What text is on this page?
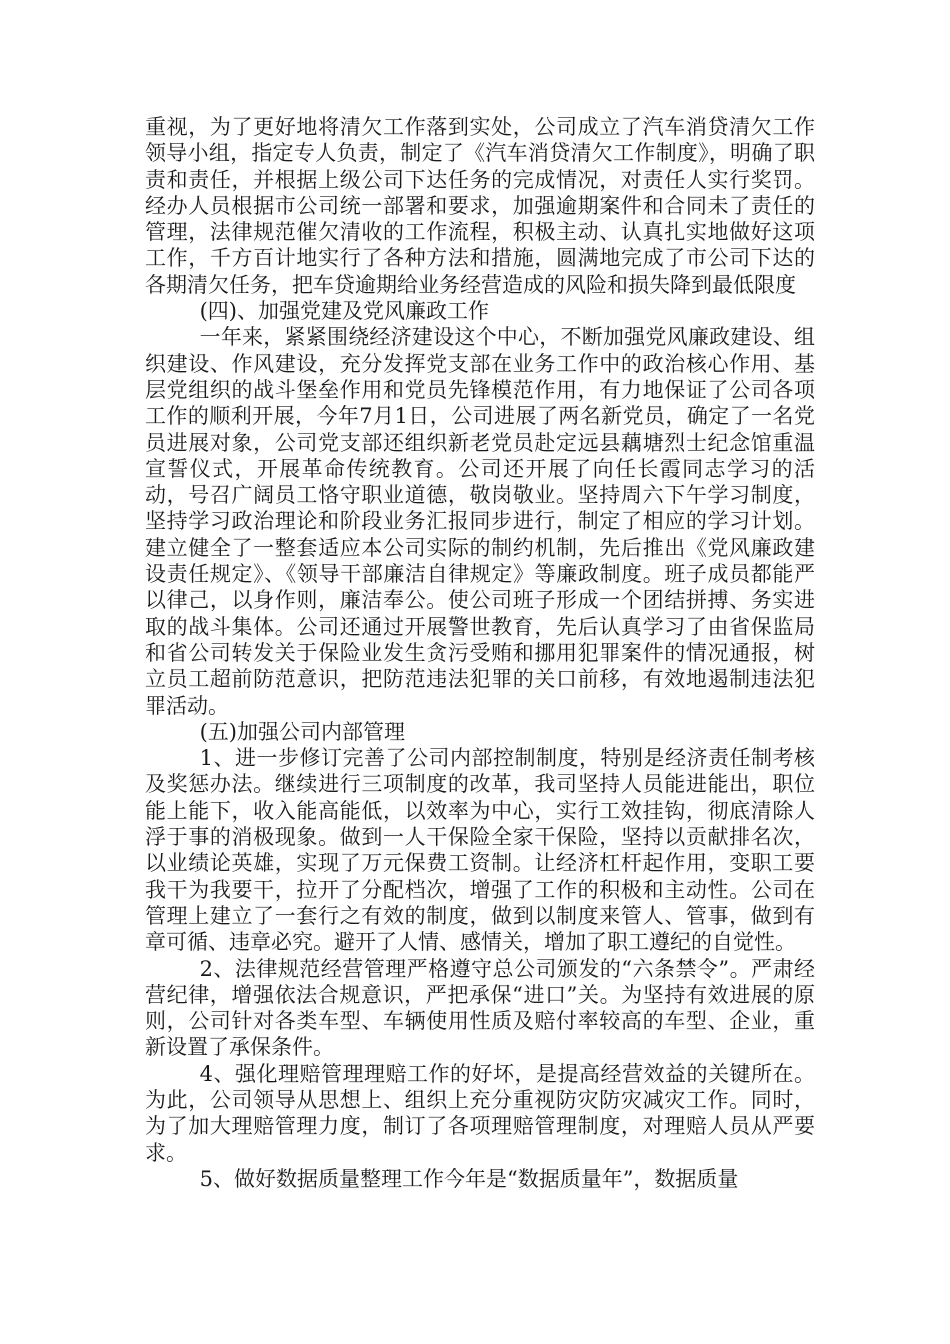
重视，为了更好地将清欠工作落到实处，公司成立了汽车消贷清欠工作领导小组，指定专人负责，制定了《汽车消贷清欠工作制度》，明确了职责和责任，并根据上级公司下达任务的完成情况，对责任人实行奖罚。经办人员根据市公司统一部署和要求，加强逾期案件和合同未了责任的管理，法律规范催欠清收的工作流程，积极主动、认真扎实地做好这项工作，千方百计地实行了各种方法和措施，圆满地完成了市公司下达的各期清欠任务，把车贷逾期给业务经营造成的风险和损失降到最低限度

(四)、加强党建及党风廉政工作

一年来，紧紧围绕经济建设这个中心，不断加强党风廉政建设、组织建设、作风建设，充分发挥党支部在业务工作中的政治核心作用、基层党组织的战斗堡垒作用和党员先锋模范作用，有力地保证了公司各项工作的顺利开展，今年7月1日，公司进展了两名新党员，确定了一名党员进展对象，公司党支部还组织新老党员赴定远县藕塘烈士纪念馆重温宣誓仪式，开展革命传统教育。公司还开展了向任长霞同志学习的活动，号召广阔员工恪守职业道德，敬岗敬业。坚持周六下午学习制度，坚持学习政治理论和阶段业务汇报同步进行，制定了相应的学习计划。建立健全了一整套适应本公司实际的制约机制，先后推出《党风廉政建设责任规定》、《领导干部廉洁自律规定》等廉政制度。班子成员都能严以律己，以身作则，廉洁奉公。使公司班子形成一个团结拼搏、务实进取的战斗集体。公司还通过开展警世教育，先后认真学习了由省保监局和省公司转发关于保险业发生贪污受贿和挪用犯罪案件的情况通报，树立员工超前防范意识，把防范违法犯罪的关口前移，有效地遏制违法犯罪活动。

(五)加强公司内部管理

1、进一步修订完善了公司内部控制制度，特别是经济责任制考核及奖惩办法。继续进行三项制度的改革，我司坚持人员能进能出，职位能上能下，收入能高能低，以效率为中心，实行工效挂钩，彻底清除人浮于事的消极现象。做到一人干保险全家干保险，坚持以贡献排名次，以业绩论英雄，实现了万元保费工资制。让经济杠杆起作用，变职工要我干为我要干，拉开了分配档次，增强了工作的积极和主动性。公司在管理上建立了一套行之有效的制度，做到以制度来管人、管事，做到有章可循、违章必究。避开了人情、感情关，增加了职工遵纪的自觉性。

2、法律规范经营管理严格遵守总公司颁发的“六条禁令”。严肃经营纪律，增强依法合规意识，严把承保“进口”关。为坚持有效进展的原则，公司针对各类车型、车辆使用性质及赔付率较高的车型、企业，重新设置了承保条件。

4、强化理赔管理理赔工作的好坏，是提高经营效益的关键所在。为此，公司领导从思想上、组织上充分重视防灾防灾减灾工作。同时，为了加大理赔管理力度，制订了各项理赔管理制度，对理赔人员从严要求。

5、做好数据质量整理工作今年是“数据质量年”，数据质量
